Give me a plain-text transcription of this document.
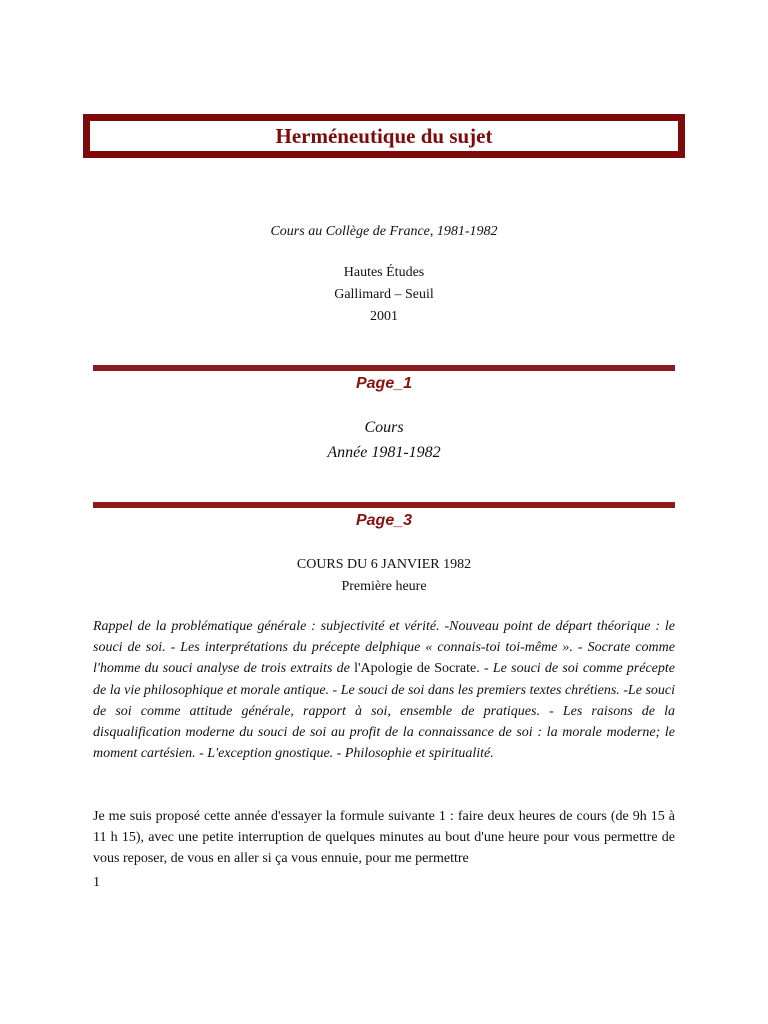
Herméneutique du sujet
Cours au Collège de France, 1981-1982
Hautes Études
Gallimard – Seuil
2001
Page_1
Cours
Année 1981-1982
Page_3
COURS DU 6 JANVIER 1982
Première heure

Rappel de la problématique générale : subjectivité et vérité. -Nouveau point de départ théorique : le souci de soi. - Les interprétations du précepte delphique « connais-toi toi-même ». - Socrate comme l'homme du souci analyse de trois extraits de l'Apologie de Socrate. - Le souci de soi comme précepte de la vie philosophique et morale antique. - Le souci de soi dans les premiers textes chrétiens. -Le souci de soi comme attitude générale, rapport à soi, ensemble de pratiques. - Les raisons de la disqualification moderne du souci de soi au profit de la connaissance de soi : la morale moderne; le moment cartésien. - L'exception gnostique. - Philosophie et spiritualité.

Je me suis proposé cette année d'essayer la formule suivante 1 : faire deux heures de cours (de 9h 15 à 11 h 15), avec une petite interruption de quelques minutes au bout d'une heure pour vous permettre de vous reposer, de vous en aller si ça vous ennuie, pour me permettre

1
